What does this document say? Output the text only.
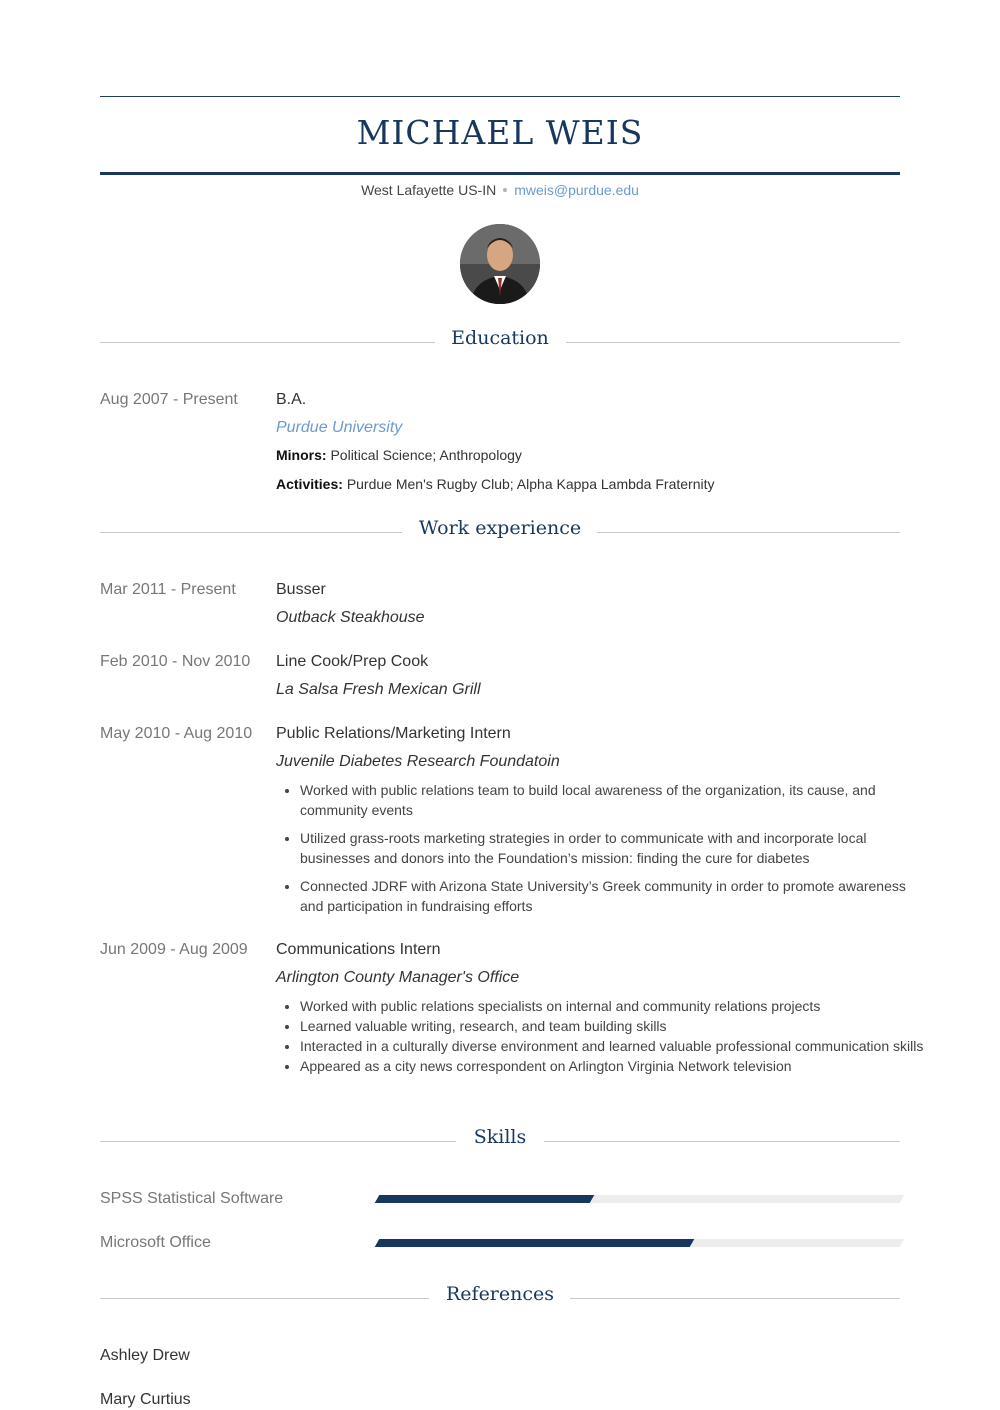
MICHAEL WEIS
West Lafayette US-IN mweis@purdue.edu
Education
Aug 2007 - Present B.A.
Purdue University
Minors: Political Science; Anthropology
Activities: Purdue Men's Rugby Club; Alpha Kappa Lambda Fraternity
Work experience
Mar 2011 - Present	Busser
Outback Steakhouse
Feb 2010 - Nov 2010 Line Cook/Prep Cook
La Salsa Fresh Mexican Grill
May 2010 - Aug 2010 Public Relations/Marketing Intern
Juvenile Diabetes Research Foundatoin
• Worked with public relations team to build local awareness of the organization, its cause, and community events
• Utilized grass-roots marketing strategies in order to communicate with and incorporate local businesses and donors into the Foundation’s mission: finding the cure for diabetes
• Connected JDRF with Arizona State University’s Greek community in order to promote awareness and participation in fundraising efforts
Jun 2009 - Aug 2009 Communications Intern
Arlington County Manager's Office
• Worked with public relations specialists on internal and community relations projects
• Learned valuable writing, research, and team building skills
• Interacted in a culturally diverse environment and learned valuable professional communication skills
• Appeared as a city news correspondent on Arlington Virginia Network television
Skills
SPSS Statistical Software
Microsoft Office
References
Ashley Drew
Mary Curtius
